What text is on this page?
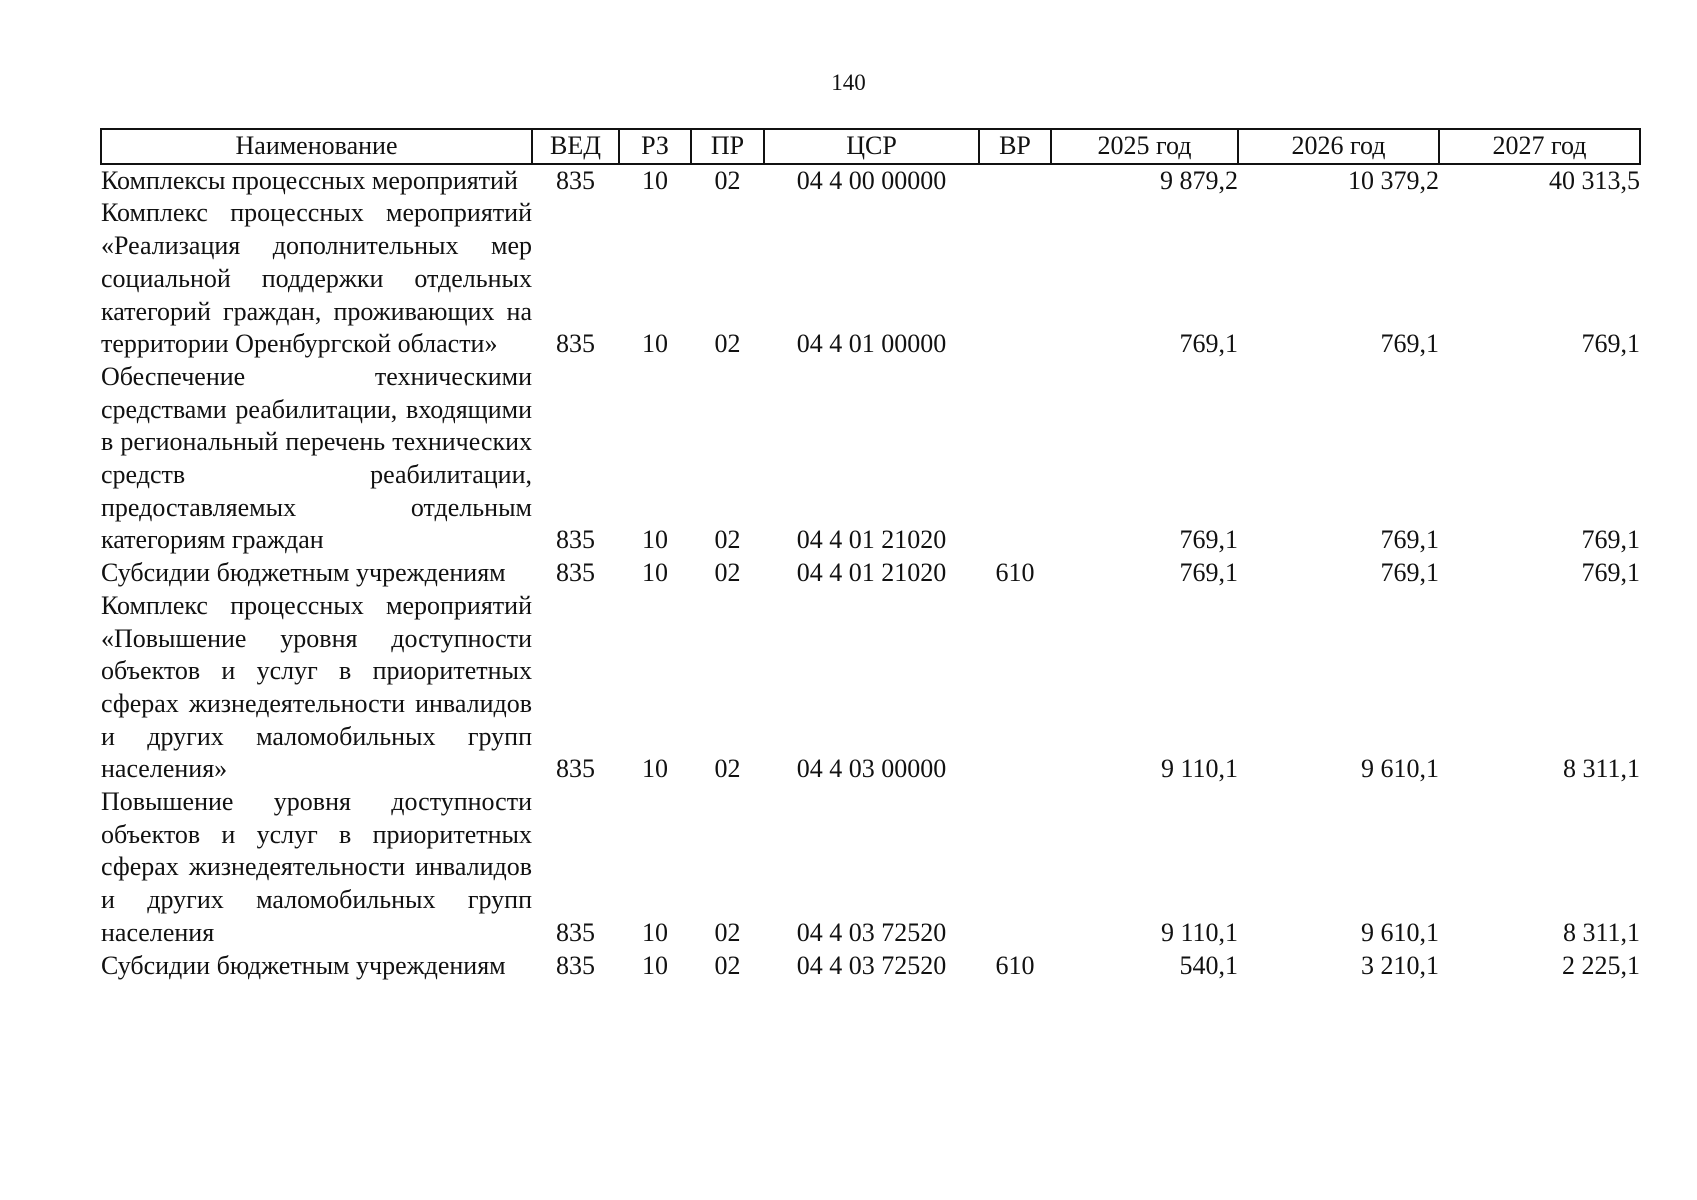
140
Наименование	ВЕД	РЗ	ПР	ЦСР	ВР	2025 год	2026 год	2027 год
Комплексы процессных мероприятий	835	10	02	04 4 00 00000		9 879,2	10 379,2	40 313,5
Комплекс процессных мероприятий «Реализация дополнительных мер социальной поддержки отдельных категорий граждан, проживающих на территории Оренбургской области»	835	10	02	04 4 01 00000		769,1	769,1	769,1
Обеспечение техническими средствами реабилитации, входящими в региональный перечень технических средств реабилитации, предоставляемых отдельным категориям граждан	835	10	02	04 4 01 21020		769,1	769,1	769,1
Субсидии бюджетным учреждениям	835	10	02	04 4 01 21020	610	769,1	769,1	769,1
Комплекс процессных мероприятий «Повышение уровня доступности объектов и услуг в приоритетных сферах жизнедеятельности инвалидов и других маломобильных групп населения»	835	10	02	04 4 03 00000		9 110,1	9 610,1	8 311,1
Повышение уровня доступности объектов и услуг в приоритетных сферах жизнедеятельности инвалидов и других маломобильных групп населения	835	10	02	04 4 03 72520		9 110,1	9 610,1	8 311,1
Субсидии бюджетным учреждениям	835	10	02	04 4 03 72520	610	540,1	3 210,1	2 225,1
